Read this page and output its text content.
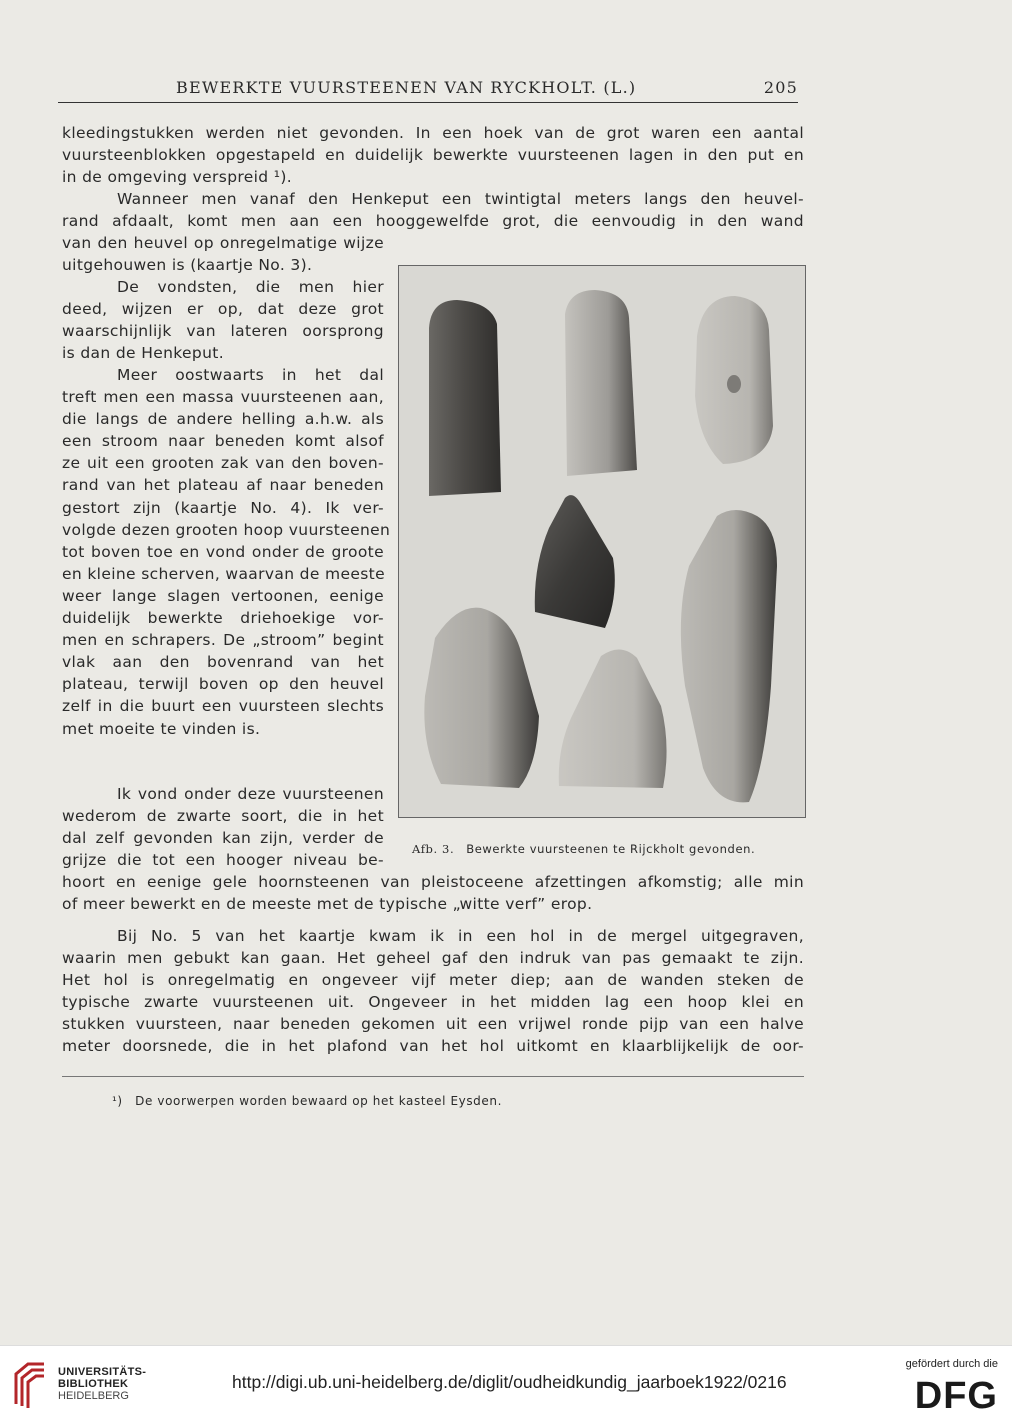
BEWERKTE VUURSTEENEN VAN RYCKHOLT. (L.)	205

kleedingstukken werden niet gevonden. In een hoek van de grot waren een aantal
vuursteenblokken opgestapeld en duidelijk bewerkte vuursteenen lagen in den put en
in de omgeving verspreid ¹).

Wanneer men vanaf den Henkeput een twintigtal meters langs den heuvel-
rand afdaalt, komt men aan een hooggewelfde grot, die eenvoudig in den wand

van den heuvel op onregelmatige wijze
uitgehouwen is (kaartje No. 3).

De vondsten, die men hier
deed, wijzen er op, dat deze grot
waarschijnlijk van lateren oorsprong
is dan de Henkeput.

Meer oostwaarts in het dal
treft men een massa vuursteenen aan,
die langs de andere helling a.h.w. als
een stroom naar beneden komt alsof
ze uit een grooten zak van den boven-
rand van het plateau af naar beneden
gestort zijn (kaartje No. 4). Ik ver-
volgde dezen grooten hoop vuursteenen
tot boven toe en vond onder de groote
en kleine scherven, waarvan de meeste
weer lange slagen vertoonen, eenige
duidelijk bewerkte driehoekige vor-
men en schrapers. De „stroom” begint
vlak aan den bovenrand van het
plateau, terwijl boven op den heuvel
zelf in die buurt een vuursteen slechts
met moeite te vinden is.

Ik vond onder deze vuursteenen
wederom de zwarte soort, die in het
dal zelf gevonden kan zijn, verder de
grijze die tot een hooger niveau be-

hoort en eenige gele hoornsteenen van pleistoceene afzettingen afkomstig; alle min
of meer bewerkt en de meeste met de typische „witte verf” erop.

Bij No. 5 van het kaartje kwam ik in een hol in de mergel uitgegraven,
waarin men gebukt kan gaan. Het geheel gaf den indruk van pas gemaakt te zijn.
Het hol is onregelmatig en ongeveer vijf meter diep; aan de wanden steken de
typische zwarte vuursteenen uit. Ongeveer in het midden lag een hoop klei en
stukken vuursteen, naar beneden gekomen uit een vrijwel ronde pijp van een halve
meter doorsnede, die in het plafond van het hol uitkomt en klaarblijkelijk de oor-

Afb. 3. Bewerkte vuursteenen te Rijckholt gevonden.
¹) De voorwerpen worden bewaard op het kasteel Eysden.
UNIVERSITÄTS-
BIBLIOTHEK
HEIDELBERG
http://digi.ub.uni-heidelberg.de/diglit/oudheidkundig_jaarboek1922/0216
gefördert durch die
DFG
